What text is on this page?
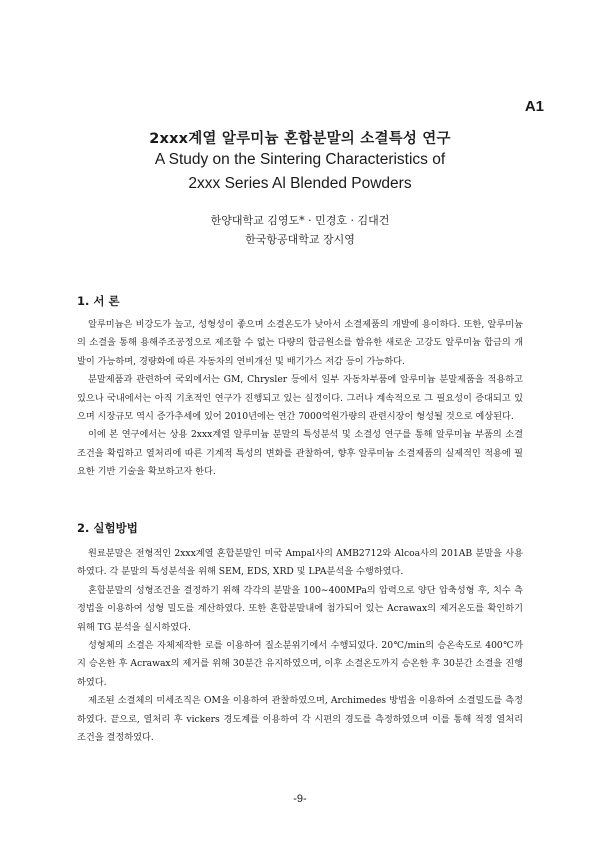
A1
2xxx계열 알루미늄 혼합분말의 소결특성 연구
A Study on the Sintering Characteristics of
2xxx Series Al Blended Powders
한양대학교 김영도* · 민경호 · 김대건
한국항공대학교 장시영
1. 서 론

알루미늄은 비강도가 높고, 성형성이 좋으며 소결온도가 낮아서 소결제품의 개발에 용이하다. 또한, 알루미늄의 소결을 통해 용해주조공정으로 제조할 수 없는 다량의 합금원소를 함유한 새로운 고강도 알루미늄 합금의 개발이 가능하며, 경량화에 따른 자동차의 연비개선 및 배기가스 저감 등이 가능하다.

분말제품과 관련하여 국외에서는 GM, Chrysler 등에서 일부 자동차부품에 알루미늄 분말제품을 적용하고 있으나 국내에서는 아직 기초적인 연구가 진행되고 있는 실정이다. 그러나 계속적으로 그 필요성이 증대되고 있으며 시장규모 역시 증가추세에 있어 2010년에는 연간 7000억원가량의 관련시장이 형성될 것으로 예상된다.

이에 본 연구에서는 상용 2xxx계열 알루미늄 분말의 특성분석 및 소결성 연구를 통해 알루미늄 부품의 소결 조건을 확립하고 열처리에 따른 기계적 특성의 변화를 관찰하여, 향후 알루미늄 소결제품의 실제적인 적용에 필요한 기반 기술을 확보하고자 한다.

2. 실험방법

원료분말은 전형적인 2xxx계열 혼합분말인 미국 Ampal사의 AMB2712와 Alcoa사의 201AB 분말을 사용하였다. 각 분말의 특성분석을 위해 SEM, EDS, XRD 및 LPA분석을 수행하였다.

혼합분말의 성형조건을 결정하기 위해 각각의 분말을 100∼400MPa의 압력으로 양단 압축성형 후, 치수 측정법을 이용하여 성형 밀도를 계산하였다. 또한 혼합분말내에 첨가되어 있는 Acrawax의 제거온도를 확인하기 위해 TG 분석을 실시하였다.

성형체의 소결은 자체제작한 로를 이용하여 질소분위기에서 수행되었다. 20℃/min의 승온속도로 400℃까지 승온한 후 Acrawax의 제거를 위해 30분간 유지하였으며, 이후 소결온도까지 승온한 후 30분간 소결을 진행하였다.

제조된 소결체의 미세조직은 OM을 이용하여 관찰하였으며, Archimedes 방법을 이용하여 소결밀도를 측정하였다. 끝으로, 열처리 후 vickers 경도계를 이용하여 각 시편의 경도를 측정하였으며 이를 통해 적정 열처리 조건을 결정하였다.

-9-
